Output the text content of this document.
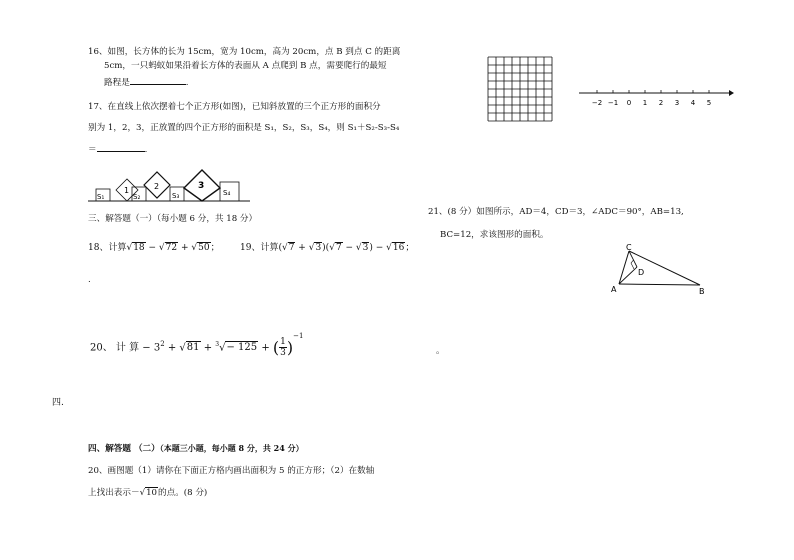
16、如图，长方体的长为 15cm，宽为 10cm，高为 20cm，点 B 到点 C 的距离
5cm，一只蚂蚁如果沿着长方体的表面从 A 点爬到 B 点，需要爬行的最短
路程是	.
17、在直线上依次摆着七个正方形(如图)，已知斜放置的三个正方形的面积分
别为 1，2，3，正放置的四个正方形的面积是 S₁，S₂，S₃，S₄，则 S₁＋S₂-S₃-S₄
＝	.
S₁
1
S₂
2
S₃
3
S₄
三、解答题（一）（每小题 6 分，共 18 分）
18、计算√18 − √72 + √50； 19、计算(√7 + √3)(√7 − √3) − √16；
.
20、 计 算 − $3^2 + √81 + ^3√- 125$ + ( $\frac{1}{3} )^{-1}$
四.
四、解答题 （二）（本题三小题，每小题 8 分，共 24 分）
20、画图题（1）请你在下面正方格内画出面积为 5 的正方形；（2）在数轴
上找出表示－√10的点。(8 分)
−2 −1 0 1 2 3 4 5
21、(8 分）如图所示，AD＝4，CD＝3，∠ADC＝90°，AB=13,
BC=12，求该图形的面积。
C
D
A	B
。
